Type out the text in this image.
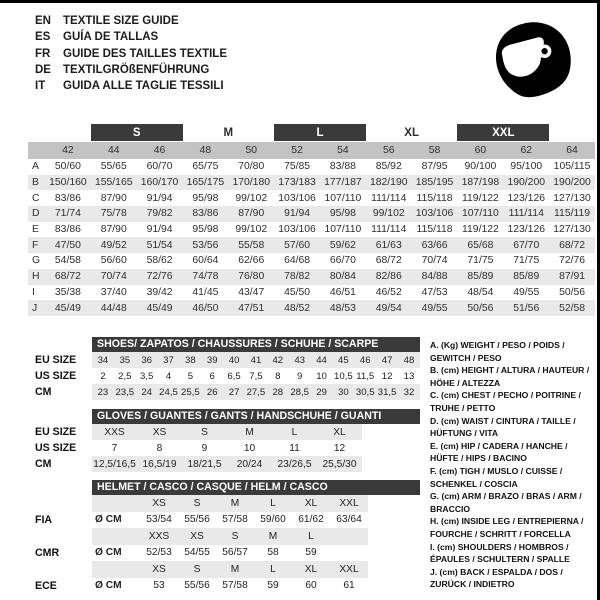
EN	TEXTILE SIZE GUIDE
ES	GUÍA DE TALLAS
FR	GUIDE DES TAILLES TEXTILE
DE	TEXTILGRÖßENFÜHRUNG
IT	GUIDA ALLE TAGLIE TESSILI
S	M	L	XL	XXL
42	44	46	48	50	52	54	56	58	60	62	64
A	50/60	55/65	60/70	65/75	70/80	75/85	83/88	85/92	87/95	90/100	95/100	105/115
B 150/160 155/165 160/170 165/175 170/180 173/183 177/187 182/190 185/195 187/198 190/200 190/200
C	83/86	87/90	91/94	95/98	99/102	103/106 107/110 111/114 115/118 119/122 123/126 127/130
D	71/74	75/78	79/82	83/86	87/90	91/94	95/98	99/102	103/106 107/110 111/114 115/119
E	83/86	87/90	91/94	95/98	99/102	103/106 107/110 111/114 115/118 119/122 123/126 127/130
F	47/50	49/52	51/54	53/56	55/58	57/60	59/62	61/63	63/66	65/68	67/70	68/72
G	54/58	56/60	58/62	60/64	62/66	64/68	66/70	68/72	70/74	71/75	71/75	72/76
H	68/72	70/74	72/76	74/78	76/80	78/82	80/84	82/86	84/88	85/89	85/89	87/91
I	35/38	37/40	39/42	41/45	43/47	45/50	46/51	46/52	47/53	48/54	49/55	50/56
J	45/49	44/48	45/49	46/50	47/51	48/52	48/53	49/54	49/55	50/56	51/56	52/58
SHOES/ ZAPATOS / CHAUSSURES / SCHUHE / SCARPE
EU SIZE	34	35	36	37	38	39	40	41	42	43	44	45	46	47	48
US SIZE	2	2,5 3,5	4	5	6	6,5 7,5	8	9	10 10,5 11,5 12	13
CM	23 23,5 24 24,5 25,5 26	27 27,5 28 28,5 29	30 30,5 31,5 32
GLOVES / GUANTES / GANTS / HANDSCHUHE / GUANTI
EU SIZE	XXS	XS	S	M	L	XL
US SIZE	7	8	9	10	11	12
CM	12,5/16,5 16,5/19	18/21,5	20/24	23/26,5	25,5/30
HELMET / CASCO / CASQUE / HELM / CASCO
XS	S	M	L	XL	XXL
FIA	Ø CM	53/54	55/56	57/58	59/60	61/62	63/64
XXS	XS	S	M	L
CMR	Ø CM	52/53	54/55	56/57	58	59
XS	S	M	L	XL	XXL
ECE	Ø CM	53	55/56	57/58	59	60	61
A. (Kg) WEIGHT / PESO / POIDS / GEWITCH / PESO
B. (cm) HEIGHT / ALTURA / HAUTEUR / HÖHE / ALTEZZA
C. (cm) CHEST / PECHO / POITRINE / TRUHE / PETTO
D. (cm) WAIST / CINTURA / TAILLE / HÜFTUNG / VITA
E. (cm) HIP / CADERA / HANCHE / HÜFTE / HIPS / BACINO
F. (cm) TIGH / MUSLO / CUISSE / SCHENKEL / COSCIA
G. (cm) ARM / BRAZO / BRAS / ARM / BRACCIO
H. (cm) INSIDE LEG / ENTREPIERNA / FOURCHE / SCHRITT / FORCELLA
I. (cm) SHOULDERS / HOMBROS / ÉPAULES / SCHULTERN / SPALLE
J. (cm) BACK / ESPALDA / DOS / ZURÜCK / INDIETRO
